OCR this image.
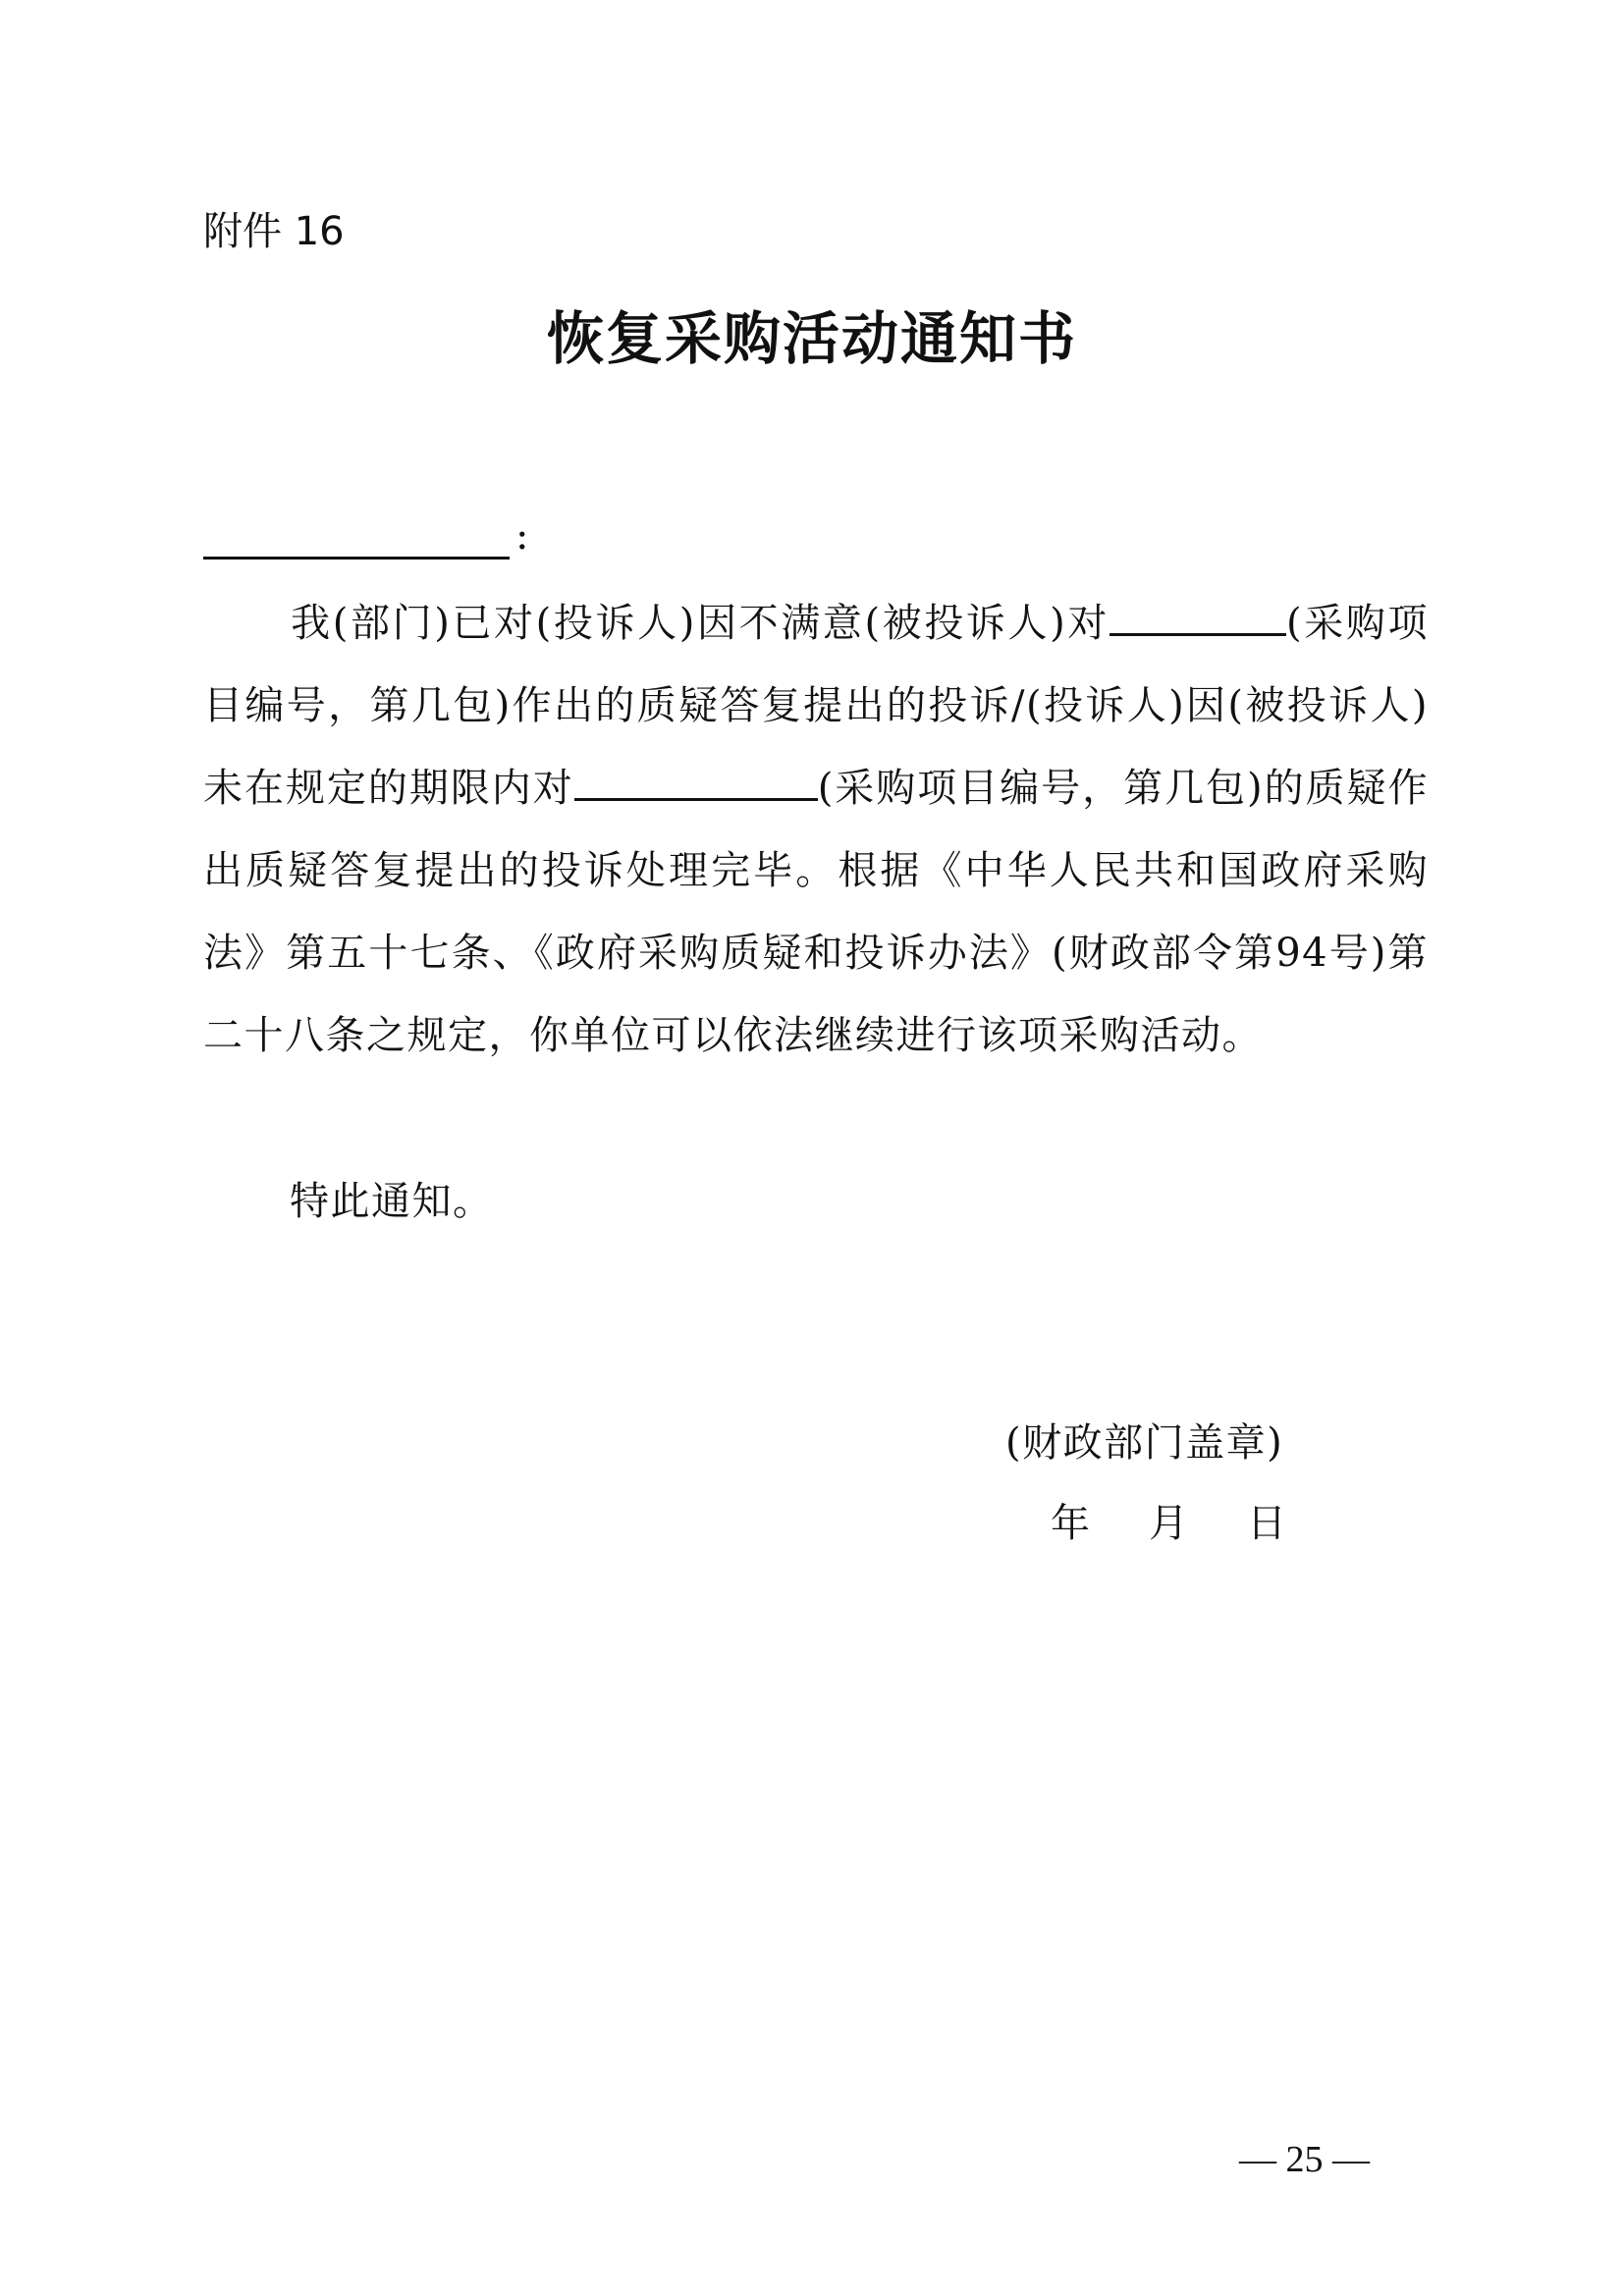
附件 16
恢复采购活动通知书
:

我(部门)已对(投诉人)因不满意(被投诉人)对	(采购项目编号，第几包)作出的质疑答复提出的投诉/(投诉人)因(被投诉人)未在规定的期限内对	(采购项目编号，第几包)的质疑作出质疑答复提出的投诉处理完毕。根据《中华人民共和国政府采购法》第五十七条、《政府采购质疑和投诉办法》(财政部令第94号)第二十八条之规定，你单位可以依法继续进行该项采购活动。

特此通知。
(财政部门盖章)
年 月 日
— 25 —
